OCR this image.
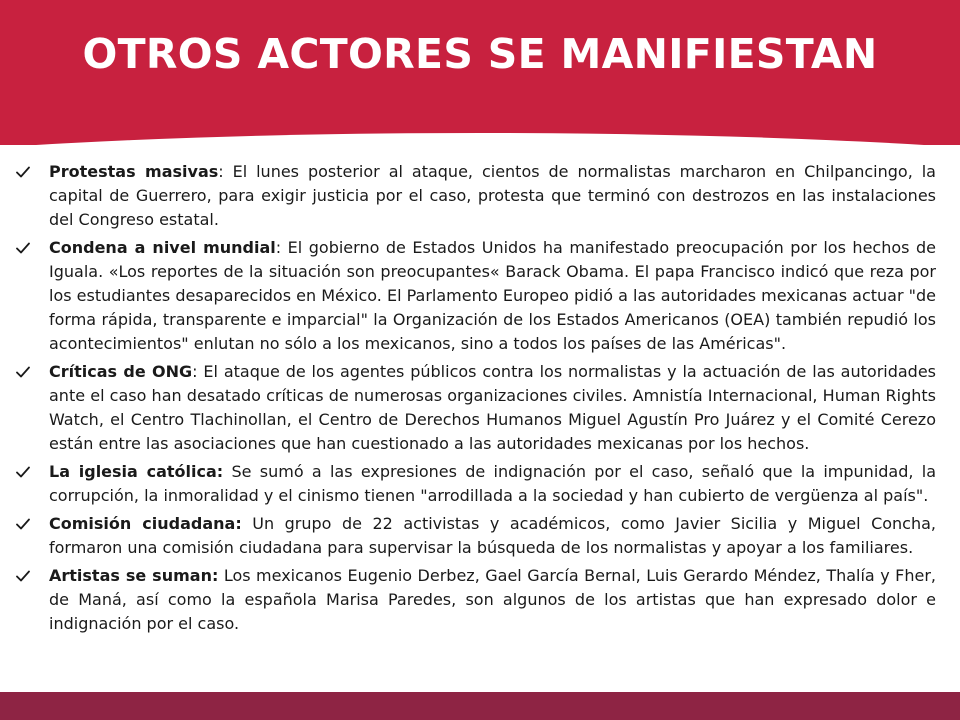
OTROS ACTORES SE MANIFIESTAN
Protestas masivas: El lunes posterior al ataque, cientos de normalistas marcharon en Chilpancingo, la capital de Guerrero, para exigir justicia por el caso, protesta que terminó con destrozos en las instalaciones del Congreso estatal.
Condena a nivel mundial: El gobierno de Estados Unidos ha manifestado preocupación por los hechos de Iguala. «Los reportes de la situación son preocupantes« Barack Obama. El papa Francisco indicó que reza por los estudiantes desaparecidos en México. El Parlamento Europeo pidió a las autoridades mexicanas actuar "de forma rápida, transparente e imparcial" la Organización de los Estados Americanos (OEA) también repudió los acontecimientos" enlutan no sólo a los mexicanos, sino a todos los países de las Américas".
Críticas de ONG: El ataque de los agentes públicos contra los normalistas y la actuación de las autoridades ante el caso han desatado críticas de numerosas organizaciones civiles. Amnistía Internacional, Human Rights Watch, el Centro Tlachinollan, el Centro de Derechos Humanos Miguel Agustín Pro Juárez y el Comité Cerezo están entre las asociaciones que han cuestionado a las autoridades mexicanas por los hechos.
La iglesia católica: Se sumó a las expresiones de indignación por el caso, señaló que la impunidad, la corrupción, la inmoralidad y el cinismo tienen "arrodillada a la sociedad y han cubierto de vergüenza al país".
Comisión ciudadana: Un grupo de 22 activistas y académicos, como Javier Sicilia y Miguel Concha, formaron una comisión ciudadana para supervisar la búsqueda de los normalistas y apoyar a los familiares.
Artistas se suman: Los mexicanos Eugenio Derbez, Gael García Bernal, Luis Gerardo Méndez, Thalía y Fher, de Maná, así como la española Marisa Paredes, son algunos de los artistas que han expresado dolor e indignación por el caso.
